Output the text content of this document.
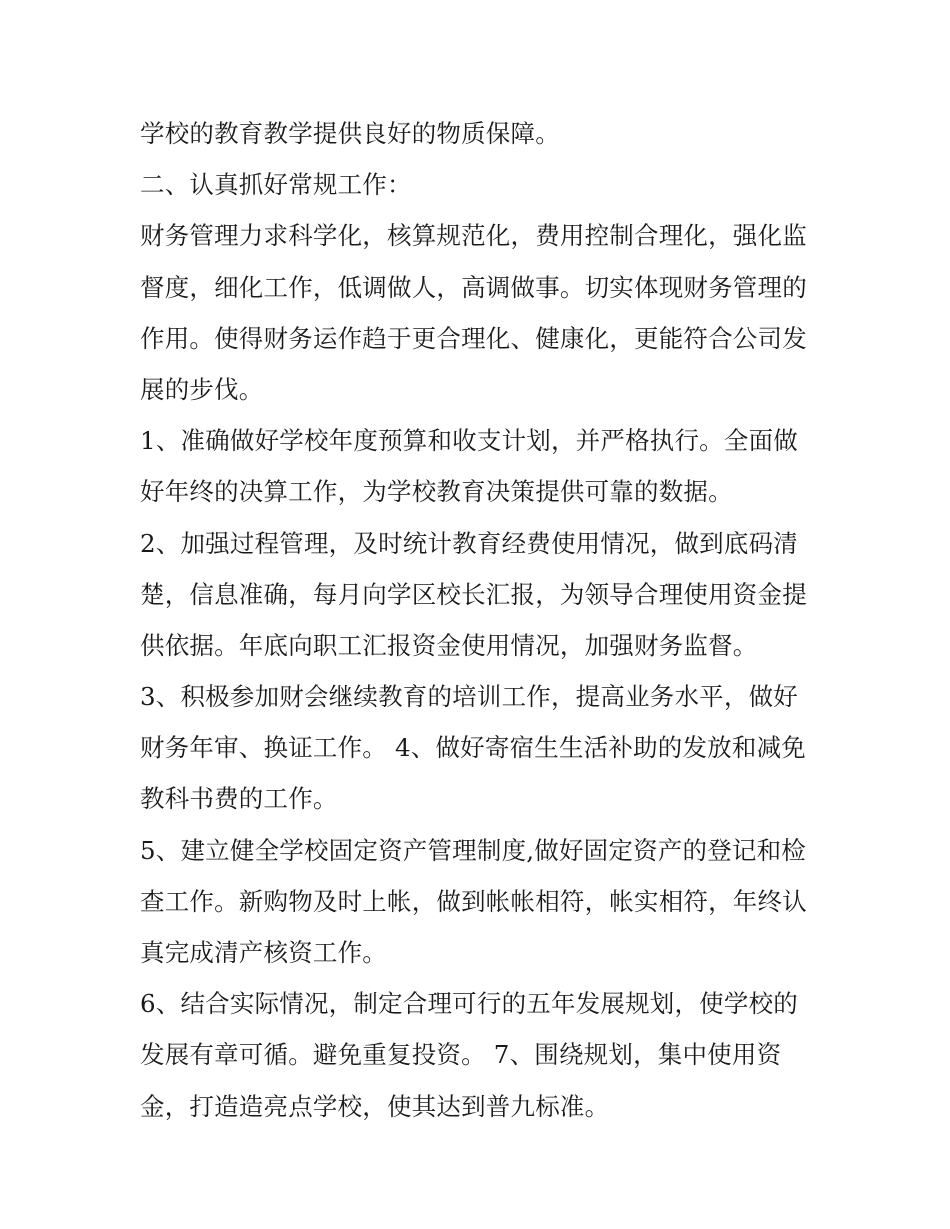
学校的教育教学提供良好的物质保障。
二、认真抓好常规工作：
财务管理力求科学化，核算规范化，费用控制合理化，强化监
督度，细化工作，低调做人，高调做事。切实体现财务管理的
作用。使得财务运作趋于更合理化、健康化，更能符合公司发
展的步伐。
1、准确做好学校年度预算和收支计划，并严格执行。全面做
好年终的决算工作，为学校教育决策提供可靠的数据。
2、加强过程管理，及时统计教育经费使用情况，做到底码清
楚，信息准确，每月向学区校长汇报，为领导合理使用资金提
供依据。年底向职工汇报资金使用情况，加强财务监督。
3、积极参加财会继续教育的培训工作，提高业务水平，做好
财务年审、换证工作。 4、做好寄宿生生活补助的发放和减免
教科书费的工作。
5、建立健全学校固定资产管理制度,做好固定资产的登记和检
查工作。新购物及时上帐，做到帐帐相符，帐实相符，年终认
真完成清产核资工作。
6、结合实际情况，制定合理可行的五年发展规划，使学校的
发展有章可循。避免重复投资。 7、围绕规划，集中使用资
金，打造造亮点学校，使其达到普九标准。
